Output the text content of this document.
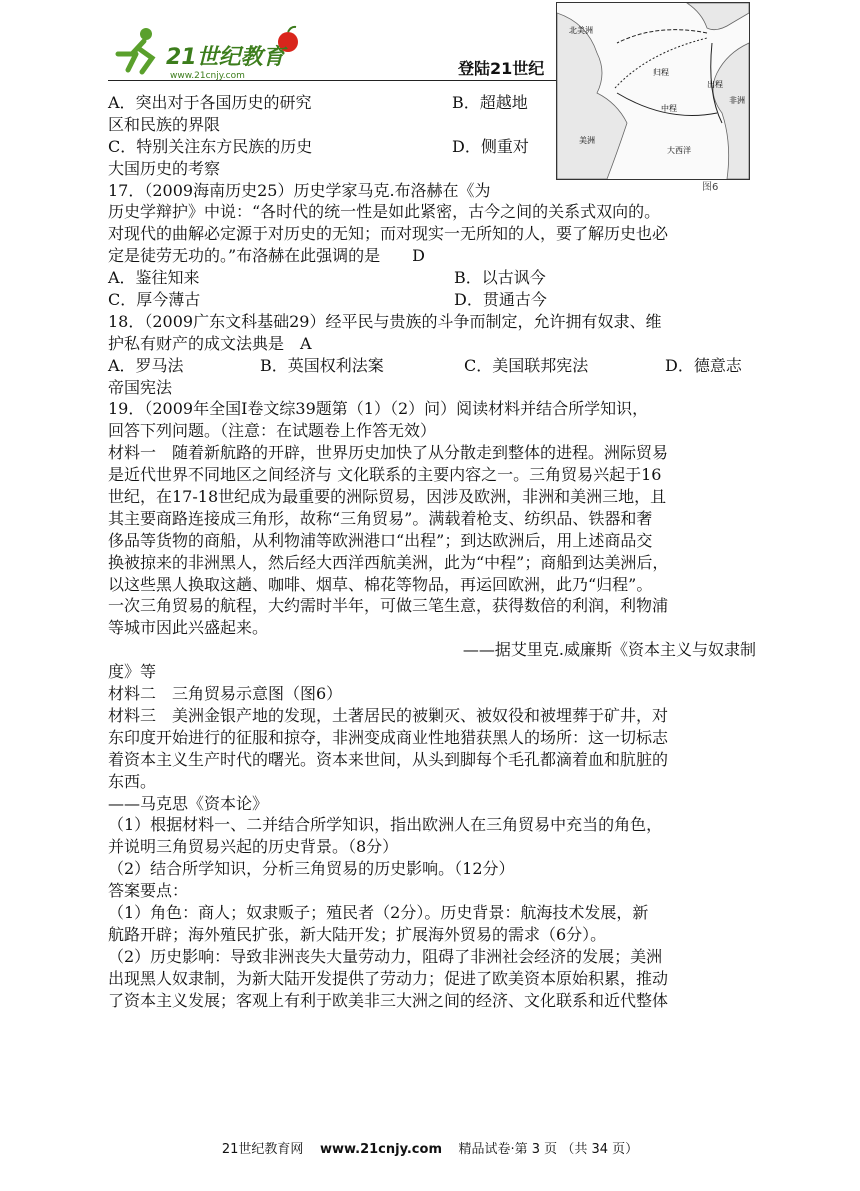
21世纪教育
www.21cnjy.com	登陆21世纪
北美洲
归程
中程
出程
美洲
非洲
大西洋
图6
A．突出对于各国历史的研究	B．超越地
区和民族的界限
C．特别关注东方民族的历史	D．侧重对
大国历史的考察
17．（2009海南历史25）历史学家马克.布洛赫在《为
历史学辩护》中说：“各时代的统一性是如此紧密，古今之间的关系式双向的。
对现代的曲解必定源于对历史的无知；而对现实一无所知的人，要了解历史也必
定是徒劳无功的。”布洛赫在此强调的是　　D
A．鉴往知来	B．以古讽今
C．厚今薄古	D．贯通古今
18．（2009广东文科基础29）经平民与贵族的斗争而制定，允许拥有奴隶、维
护私有财产的成文法典是　A
A．罗马法	B．英国权利法案	C．美国联邦宪法	D．德意志
帝国宪法
19．（2009年全国Ⅰ卷文综39题第（1）（2）问）阅读材料并结合所学知识，
回答下列问题。（注意：在试题卷上作答无效）
材料一　随着新航路的开辟，世界历史加快了从分散走到整体的进程。洲际贸易
是近代世界不同地区之间经济与 文化联系的主要内容之一。三角贸易兴起于16
世纪，在17-18世纪成为最重要的洲际贸易，因涉及欧洲，非洲和美洲三地，且
其主要商路连接成三角形，故称“三角贸易”。满载着枪支、纺织品、铁器和奢
侈品等货物的商船，从利物浦等欧洲港口“出程”；到达欧洲后，用上述商品交
换被掠来的非洲黑人，然后经大西洋西航美洲，此为“中程”；商船到达美洲后，
以这些黑人换取这趟、咖啡、烟草、棉花等物品，再运回欧洲，此乃“归程”。
一次三角贸易的航程，大约需时半年，可做三笔生意，获得数倍的利润，利物浦
等城市因此兴盛起来。
——据艾里克.威廉斯《资本主义与奴隶制
度》等
材料二　三角贸易示意图（图6）
材料三　美洲金银产地的发现，土著居民的被剿灭、被奴役和被埋葬于矿井，对
东印度开始进行的征服和掠夺，非洲变成商业性地猎获黑人的场所：这一切标志
着资本主义生产时代的曙光。资本来世间，从头到脚每个毛孔都滴着血和肮脏的
东西。
——马克思《资本论》
（1）根据材料一、二并结合所学知识，指出欧洲人在三角贸易中充当的角色，
并说明三角贸易兴起的历史背景。（8分）
（2）结合所学知识，分析三角贸易的历史影响。（12分）
答案要点：
（1）角色：商人；奴隶贩子；殖民者（2分）。历史背景：航海技术发展，新
航路开辟；海外殖民扩张，新大陆开发；扩展海外贸易的需求（6分）。
（2）历史影响：导致非洲丧失大量劳动力，阻碍了非洲社会经济的发展；美洲
出现黑人奴隶制，为新大陆开发提供了劳动力；促进了欧美资本原始积累，推动
了资本主义发展；客观上有利于欧美非三大洲之间的经济、文化联系和近代整体
21世纪教育网 www.21cnjy.com 精品试卷·第 3 页 （共 34 页）
